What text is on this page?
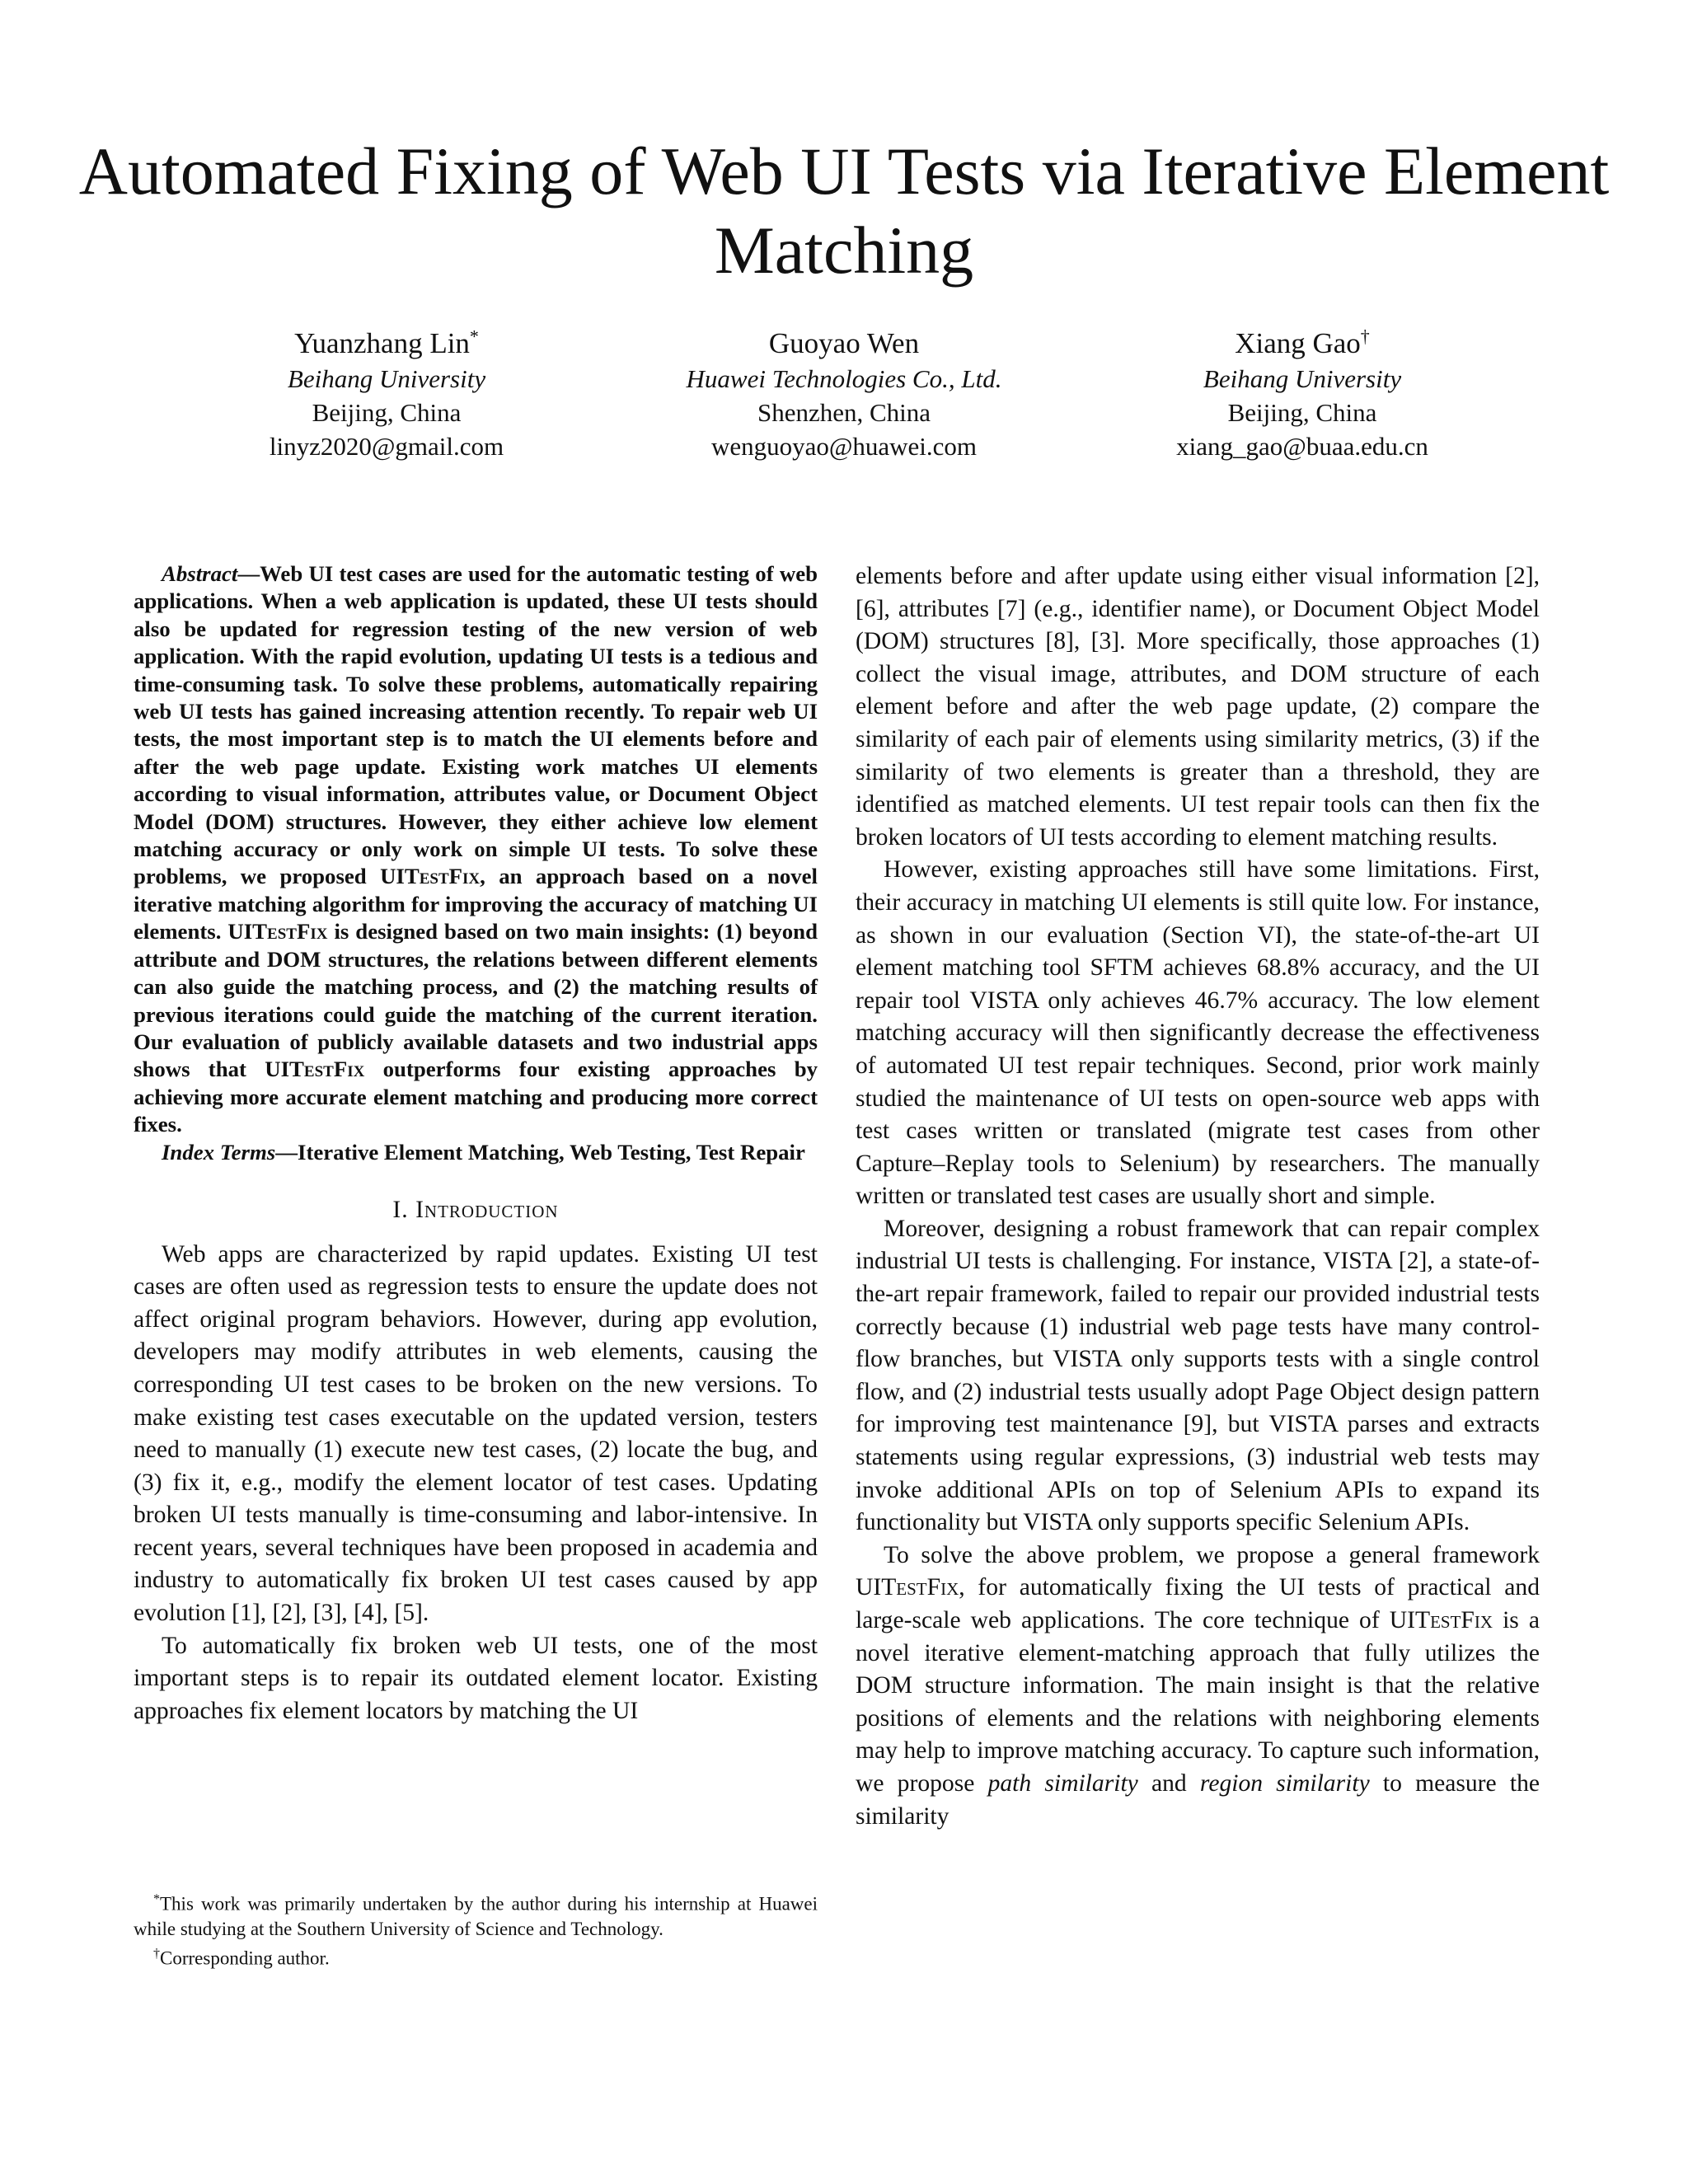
Automated Fixing of Web UI Tests via Iterative Element Matching
Yuanzhang Lin*
Beihang University
Beijing, China
linyz2020@gmail.com
Guoyao Wen
Huawei Technologies Co., Ltd.
Shenzhen, China
wenguoyao@huawei.com
Xiang Gao†
Beihang University
Beijing, China
xiang_gao@buaa.edu.cn

Abstract—Web UI test cases are used for the automatic testing of web applications. When a web application is updated, these UI tests should also be updated for regression testing of the new version of web application. With the rapid evolution, updating UI tests is a tedious and time-consuming task. To solve these problems, automatically repairing web UI tests has gained increasing attention recently. To repair web UI tests, the most important step is to match the UI elements before and after the web page update. Existing work matches UI elements according to visual information, attributes value, or Document Object Model (DOM) structures. However, they either achieve low element matching accuracy or only work on simple UI tests. To solve these problems, we proposed UITestFix, an approach based on a novel iterative matching algorithm for improving the accuracy of matching UI elements. UITestFix is designed based on two main insights: (1) beyond attribute and DOM structures, the relations between different elements can also guide the matching process, and (2) the matching results of previous iterations could guide the matching of the current iteration. Our evaluation of publicly available datasets and two industrial apps shows that UITestFix outperforms four existing approaches by achieving more accurate element matching and producing more correct fixes.

Index Terms—Iterative Element Matching, Web Testing, Test Repair

I. Introduction

Web apps are characterized by rapid updates. Existing UI test cases are often used as regression tests to ensure the update does not affect original program behaviors. However, during app evolution, developers may modify attributes in web elements, causing the corresponding UI test cases to be broken on the new versions. To make existing test cases executable on the updated version, testers need to manually (1) execute new test cases, (2) locate the bug, and (3) fix it, e.g., modify the element locator of test cases. Updating broken UI tests manually is time-consuming and labor-intensive. In recent years, several techniques have been proposed in academia and industry to automatically fix broken UI test cases caused by app evolution [1], [2], [3], [4], [5].

To automatically fix broken web UI tests, one of the most important steps is to repair its outdated element locator. Existing approaches fix element locators by matching the UI

*This work was primarily undertaken by the author during his internship at Huawei while studying at the Southern University of Science and Technology.

†Corresponding author.

elements before and after update using either visual information [2], [6], attributes [7] (e.g., identifier name), or Document Object Model (DOM) structures [8], [3]. More specifically, those approaches (1) collect the visual image, attributes, and DOM structure of each element before and after the web page update, (2) compare the similarity of each pair of elements using similarity metrics, (3) if the similarity of two elements is greater than a threshold, they are identified as matched elements. UI test repair tools can then fix the broken locators of UI tests according to element matching results.

However, existing approaches still have some limitations. First, their accuracy in matching UI elements is still quite low. For instance, as shown in our evaluation (Section VI), the state-of-the-art UI element matching tool SFTM achieves 68.8% accuracy, and the UI repair tool VISTA only achieves 46.7% accuracy. The low element matching accuracy will then significantly decrease the effectiveness of automated UI test repair techniques. Second, prior work mainly studied the maintenance of UI tests on open-source web apps with test cases written or translated (migrate test cases from other Capture–Replay tools to Selenium) by researchers. The manually written or translated test cases are usually short and simple.

Moreover, designing a robust framework that can repair complex industrial UI tests is challenging. For instance, VISTA [2], a state-of-the-art repair framework, failed to repair our provided industrial tests correctly because (1) industrial web page tests have many control-flow branches, but VISTA only supports tests with a single control flow, and (2) industrial tests usually adopt Page Object design pattern for improving test maintenance [9], but VISTA parses and extracts statements using regular expressions, (3) industrial web tests may invoke additional APIs on top of Selenium APIs to expand its functionality but VISTA only supports specific Selenium APIs.

To solve the above problem, we propose a general framework UITestFix, for automatically fixing the UI tests of practical and large-scale web applications. The core technique of UITestFix is a novel iterative element-matching approach that fully utilizes the DOM structure information. The main insight is that the relative positions of elements and the relations with neighboring elements may help to improve matching accuracy. To capture such information, we propose path similarity and region similarity to measure the similarity
